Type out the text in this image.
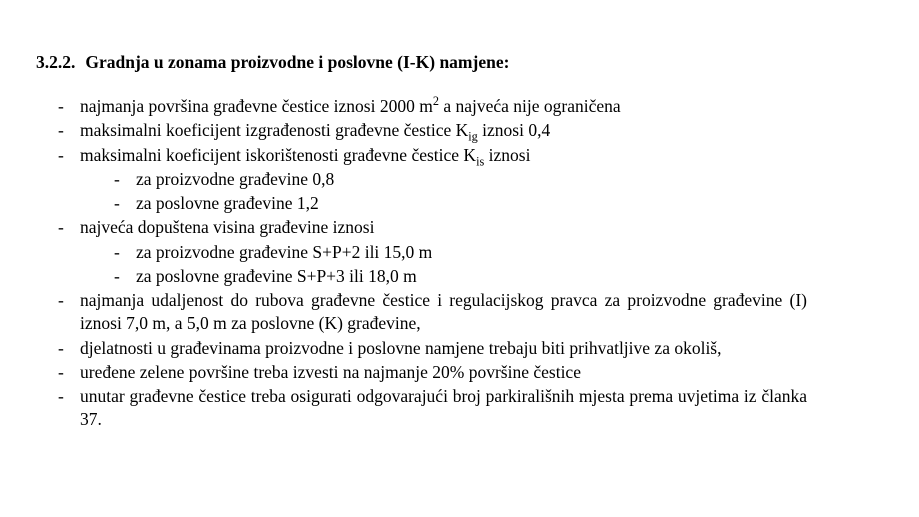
3.2.2. Gradnja u zonama proizvodne i poslovne (I-K) namjene:
- najmanja površina građevne čestice iznosi 2000 $m^2$ a najveća nije ograničena
- maksimalni koeficijent izgrađenosti građevne čestice $K_{ig}$ iznosi 0,4
- maksimalni koeficijent iskorištenosti građevne čestice $K_{is}$ iznosi
- za proizvodne građevine 0,8
- za poslovne građevine 1,2
- najveća dopuštena visina građevine iznosi
- za proizvodne građevine S+P+2 ili 15,0 m
- za poslovne građevine S+P+3 ili 18,0 m
- najmanja udaljenost do rubova građevne čestice i regulacijskog pravca za proizvodne građevine (I) iznosi 7,0 m, a 5,0 m za poslovne (K) građevine,
- djelatnosti u građevinama proizvodne i poslovne namjene trebaju biti prihvatljive za okoliš,
- uređene zelene površine treba izvesti na najmanje 20% površine čestice
- unutar građevne čestice treba osigurati odgovarajući broj parkirališnih mjesta prema uvjetima iz članka 37.
